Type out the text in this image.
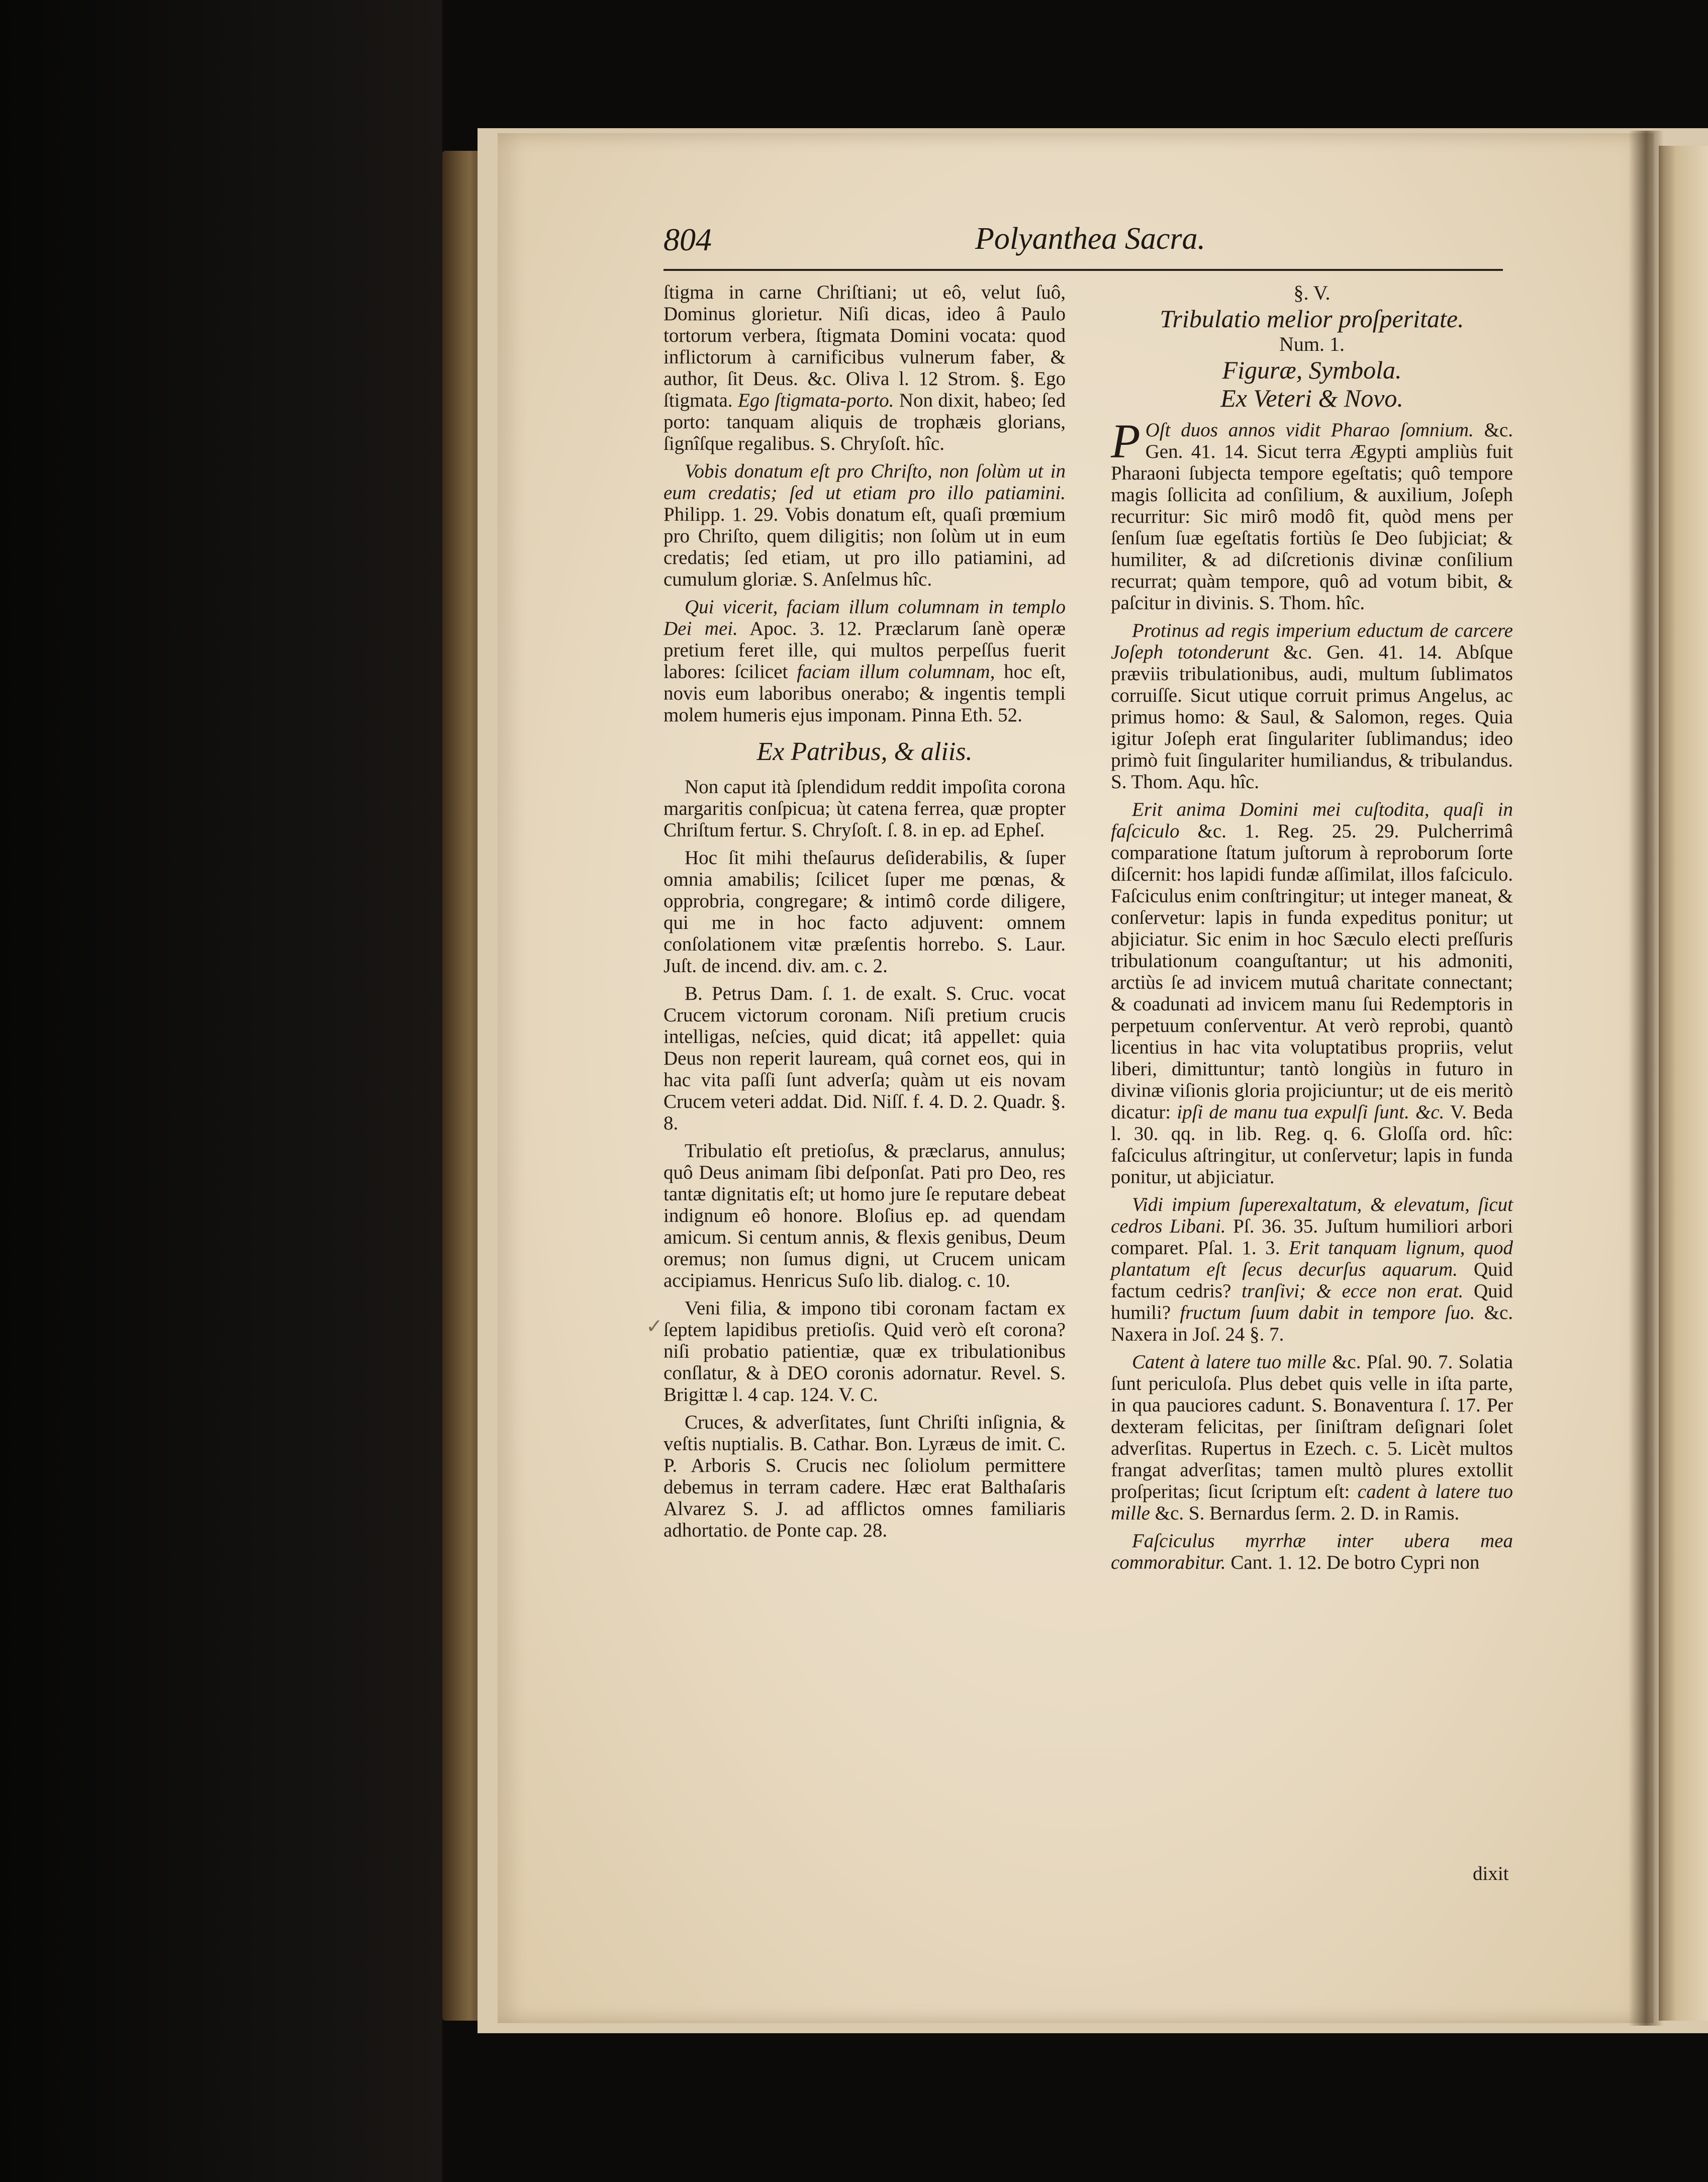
804	Polyanthea Sacra.
✓

ſtigma in carne Chriſtiani; ut eô, velut ſuô, Dominus glorietur. Niſi dicas, ideo â Paulo tortorum verbera, ſtigmata Domini vocata: quod inflictorum à carnificibus vulnerum faber, & author, ſit Deus. &c. Oliva l. 12 Strom. §. Ego ſtigmata. Ego ſtigmata-porto. Non dixit, habeo; ſed porto: tanquam aliquis de trophæis glorians, ſignîſque regalibus. S. Chryſoſt. hîc.

Vobis donatum eſt pro Chriſto, non ſolùm ut in eum credatis; ſed ut etiam pro illo patiamini. Philipp. 1. 29. Vobis donatum eſt, quaſi prœmium pro Chriſto, quem diligitis; non ſolùm ut in eum credatis; ſed etiam, ut pro illo patiamini, ad cumulum gloriæ. S. Anſelmus hîc.

Qui vicerit, faciam illum columnam in templo Dei mei. Apoc. 3. 12. Præclarum ſanè operæ pretium feret ille, qui multos perpeſſus fuerit labores: ſcilicet faciam illum columnam, hoc eſt, novis eum laboribus onerabo; & ingentis templi molem humeris ejus imponam. Pinna Eth. 52.

Ex Patribus, & aliis.

Non caput ità ſplendidum reddit impoſita corona margaritis conſpicua; ùt catena ferrea, quæ propter Chriſtum fertur. S. Chryſoſt. ſ. 8. in ep. ad Epheſ.

Hoc ſit mihi theſaurus deſiderabilis, & ſuper omnia amabilis; ſcilicet ſuper me pœnas, & opprobria, congregare; & intimô corde diligere, qui me in hoc facto adjuvent: omnem conſolationem vitæ præſentis horrebo. S. Laur. Juſt. de incend. div. am. c. 2.

B. Petrus Dam. ſ. 1. de exalt. S. Cruc. vocat Crucem victorum coronam. Niſi pretium crucis intelligas, neſcies, quid dicat; itâ appellet: quia Deus non reperit lauream, quâ cornet eos, qui in hac vita paſſi ſunt adverſa; quàm ut eis novam Crucem veteri addat. Did. Niſſ. f. 4. D. 2. Quadr. §. 8.

Tribulatio eſt pretioſus, & præclarus, annulus; quô Deus animam ſibi deſponſat. Pati pro Deo, res tantæ dignitatis eſt; ut homo jure ſe reputare debeat indignum eô honore. Bloſius ep. ad quendam amicum. Si centum annis, & flexis genibus, Deum oremus; non ſumus digni, ut Crucem unicam accipiamus. Henricus Suſo lib. dialog. c. 10.

Veni filia, & impono tibi coronam factam ex ſeptem lapidibus pretioſis. Quid verò eſt corona? niſi probatio patientiæ, quæ ex tribulationibus conſlatur, & à DEO coronis adornatur. Revel. S. Brigittæ l. 4 cap. 124. V. C.

Cruces, & adverſitates, ſunt Chriſti inſignia, & veſtis nuptialis. B. Cathar. Bon. Lyræus de imit. C. P. Arboris S. Crucis nec ſoliolum permittere debemus in terram cadere. Hæc erat Balthaſaris Alvarez S. J. ad afflictos omnes familiaris adhortatio. de Ponte cap. 28.

§. V.
Tribulatio melior proſperitate.
Num. 1.
Figuræ, Symbola.
Ex Veteri & Novo.

P Oſt duos annos vidit Pharao ſomnium. &c. Gen. 41. 14. Sicut terra Ægypti ampliùs fuit Pharaoni ſubjecta tempore egeſtatis; quô tempore magis ſollicita ad conſilium, & auxilium, Joſeph recurritur: Sic mirô modô fit, quòd mens per ſenſum ſuæ egeſtatis fortiùs ſe Deo ſubjiciat; & humiliter, & ad diſcretionis divinæ conſilium recurrat; quàm tempore, quô ad votum bibit, & paſcitur in divinis. S. Thom. hîc.

Protinus ad regis imperium eductum de carcere Joſeph totonderunt &c. Gen. 41. 14. Abſque præviis tribulationibus, audi, multum ſublimatos corruiſſe. Sicut utique corruit primus Angelus, ac primus homo: & Saul, & Salomon, reges. Quia igitur Joſeph erat ſingulariter ſublimandus; ideo primò fuit ſingulariter humiliandus, & tribulandus. S. Thom. Aqu. hîc.

Erit anima Domini mei cuſtodita, quaſi in faſciculo &c. 1. Reg. 25. 29. Pulcherrimâ comparatione ſtatum juſtorum à reproborum ſorte diſcernit: hos lapidi fundæ aſſimilat, illos faſciculo. Faſciculus enim conſtringitur; ut integer maneat, & conſervetur: lapis in funda expeditus ponitur; ut abjiciatur. Sic enim in hoc Sæculo electi preſſuris tribulationum coanguſtantur; ut his admoniti, arctiùs ſe ad invicem mutuâ charitate connectant; & coadunati ad invicem manu ſui Redemptoris in perpetuum conſerventur. At verò reprobi, quantò licentius in hac vita voluptatibus propriis, velut liberi, dimittuntur; tantò longiùs in futuro in divinæ viſionis gloria projiciuntur; ut de eis meritò dicatur: ipſi de manu tua expulſi ſunt. &c. V. Beda l. 30. qq. in lib. Reg. q. 6. Gloſſa ord. hîc: faſciculus aſtringitur, ut conſervetur; lapis in funda ponitur, ut abjiciatur.

Vidi impium ſuperexaltatum, & elevatum, ſicut cedros Libani. Pſ. 36. 35. Juſtum humiliori arbori comparet. Pſal. 1. 3. Erit tanquam lignum, quod plantatum eſt ſecus decurſus aquarum. Quid factum cedris? tranſivi; & ecce non erat. Quid humili? fructum ſuum dabit in tempore ſuo. &c. Naxera in Joſ. 24 §. 7.

Catent à latere tuo mille &c. Pſal. 90. 7. Solatia ſunt periculoſa. Plus debet quis velle in iſta parte, in qua pauciores cadunt. S. Bonaventura ſ. 17. Per dexteram felicitas, per ſiniſtram deſignari ſolet adverſitas. Rupertus in Ezech. c. 5. Licèt multos frangat adverſitas; tamen multò plures extollit proſperitas; ſicut ſcriptum eſt: cadent à latere tuo mille &c. S. Bernardus ſerm. 2. D. in Ramis.

Faſciculus myrrhæ inter ubera mea commorabitur. Cant. 1. 12. De botro Cypri non

dixit
